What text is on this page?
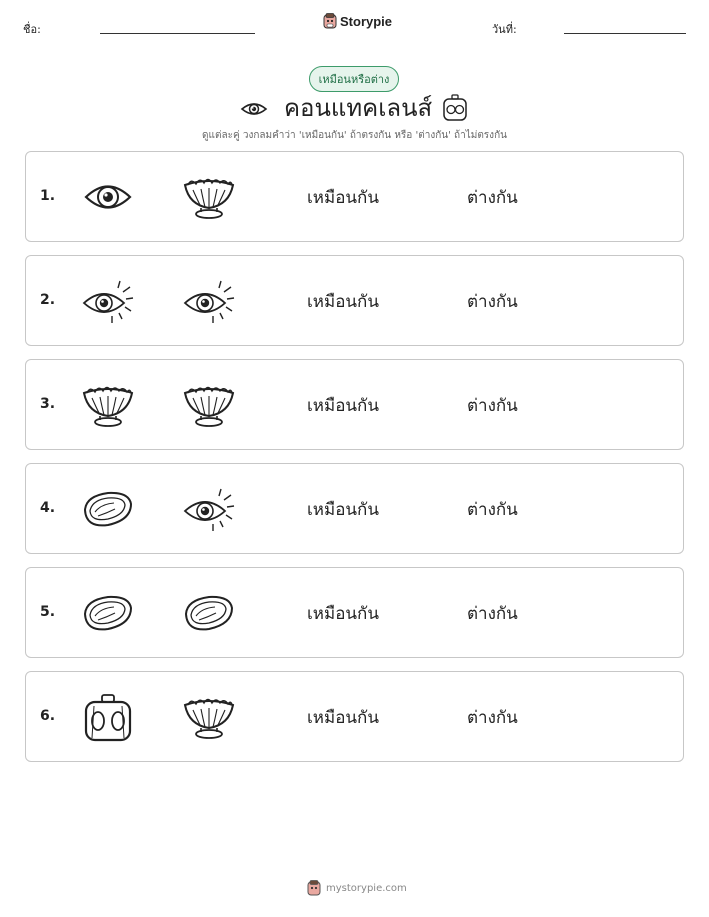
ชื่อ:
Storypie
วันที่:
เหมือนหรือต่าง
คอนแทคเลนส์
ดูแต่ละคู่ วงกลมคำว่า 'เหมือนกัน' ถ้าตรงกัน หรือ 'ต่างกัน' ถ้าไม่ตรงกัน
1.	เหมือนกัน	ต่างกัน
2.	เหมือนกัน	ต่างกัน
3.	เหมือนกัน	ต่างกัน
4.	เหมือนกัน	ต่างกัน
5.	เหมือนกัน	ต่างกัน
6.	เหมือนกัน	ต่างกัน
mystorypie.com
